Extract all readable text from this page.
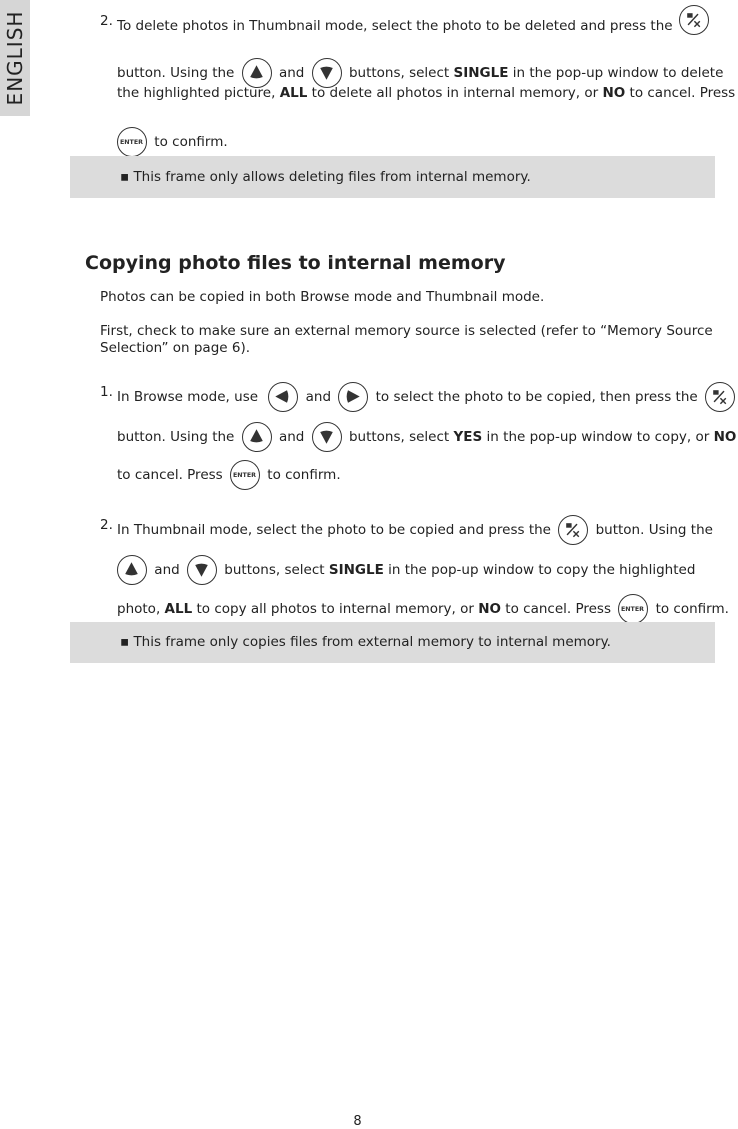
ENGLISH	2. To delete photos in Thumbnail mode, select the photo to be deleted and press the
button. Using the	and	buttons, select SINGLE in the pop-up window to delete
the highlighted picture, ALL to delete all photos in internal memory, or NO to cancel. Press
ENTER to confirm.
▪ This frame only allows deleting files from internal memory.
Copying photo files to internal memory
Photos can be copied in both Browse mode and Thumbnail mode.
First, check to make sure an external memory source is selected (refer to “Memory Source
Selection” on page 6).
1. In Browse mode, use	and	to select the photo to be copied, then press the
button. Using the	and	buttons, select YES in the pop-up window to copy, or NO
to cancel. Press ENTER to confirm.
2. In Thumbnail mode, select the photo to be copied and press the	button. Using the
and	buttons, select SINGLE in the pop-up window to copy the highlighted
photo, ALL to copy all photos to internal memory, or NO to cancel. Press ENTER to confirm.
▪ This frame only copies files from external memory to internal memory.
8
